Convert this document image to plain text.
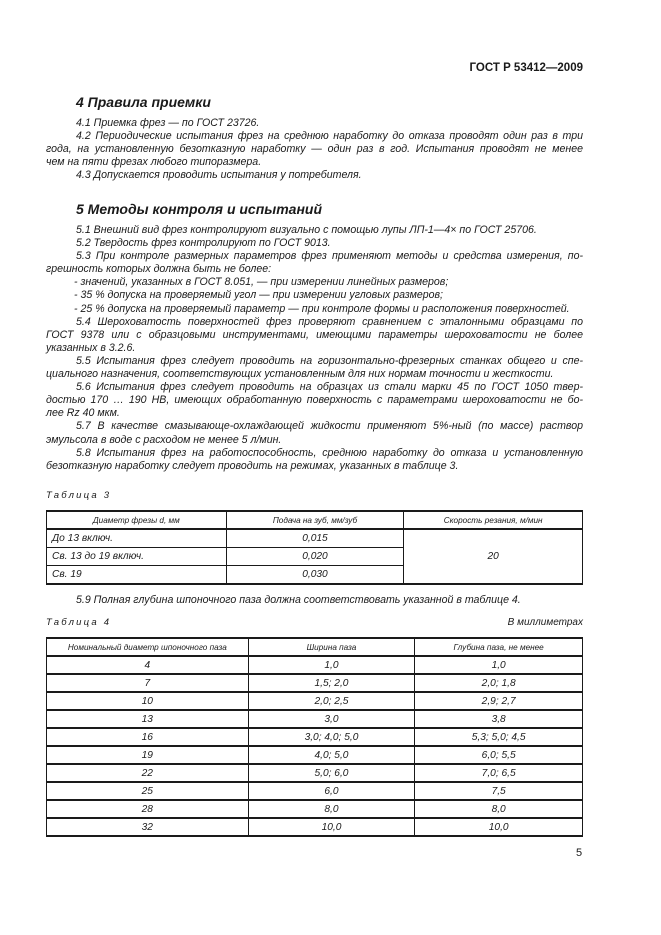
ГОСТ Р 53412—2009
4 Правила приемки
4.1 Приемка фрез — по ГОСТ 23726.
4.2 Периодические испытания фрез на среднюю наработку до отказа проводят один раз в три
года, на установленную безотказную наработку — один раз в год. Испытания проводят не менее
чем на пяти фрезах любого типоразмера.
4.3 Допускается проводить испытания у потребителя.
5 Методы контроля и испытаний
5.1 Внешний вид фрез контролируют визуально с помощью лупы ЛП-1—4× по ГОСТ 25706.
5.2 Твердость фрез контролируют по ГОСТ 9013.
5.3 При контроле размерных параметров фрез применяют методы и средства измерения, по-
грешность которых должна быть не более:
- значений, указанных в ГОСТ 8.051, — при измерении линейных размеров;
- 35 % допуска на проверяемый угол — при измерении угловых размеров;
- 25 % допуска на проверяемый параметр — при контроле формы и расположения поверхностей.
5.4 Шероховатость поверхностей фрез проверяют сравнением с эталонными образцами по
ГОСТ 9378 или с образцовыми инструментами, имеющими параметры шероховатости не более
указанных в 3.2.6.
5.5 Испытания фрез следует проводить на горизонтально-фрезерных станках общего и спе-
циального назначения, соответствующих установленным для них нормам точности и жесткости.
5.6 Испытания фрез следует проводить на образцах из стали марки 45 по ГОСТ 1050 твер-
достью 170 … 190 НВ, имеющих обработанную поверхность с параметрами шероховатости не бо-
лее Rz 40 мкм.
5.7 В качестве смазывающе-охлаждающей жидкости применяют 5%-ный (по массе) раствор
эмульсола в воде с расходом не менее 5 л/мин.
5.8 Испытания фрез на работоспособность, среднюю наработку до отказа и установленную
безотказную наработку следует проводить на режимах, указанных в таблице 3.
Таблица 3
Диаметр фрезы d, мм	Подача на зуб, мм/зуб	Скорость резания, м/мин
До 13 включ.	0,015	20
Св. 13 до 19 включ.	0,020	
Св. 19	0,030	
5.9 Полная глубина шпоночного паза должна соответствовать указанной в таблице 4.
Таблица 4	В миллиметрах
Номинальный диаметр шпоночного паза	Ширина паза	Глубина паза, не менее
4	1,0	1,0
7	1,5; 2,0	2,0; 1,8
10	2,0; 2,5	2,9; 2,7
13	3,0	3,8
16	3,0; 4,0; 5,0	5,3; 5,0; 4,5
19	4,0; 5,0	6,0; 5,5
22	5,0; 6,0	7,0; 6,5
25	6,0	7,5
28	8,0	8,0
32	10,0	10,0
5
